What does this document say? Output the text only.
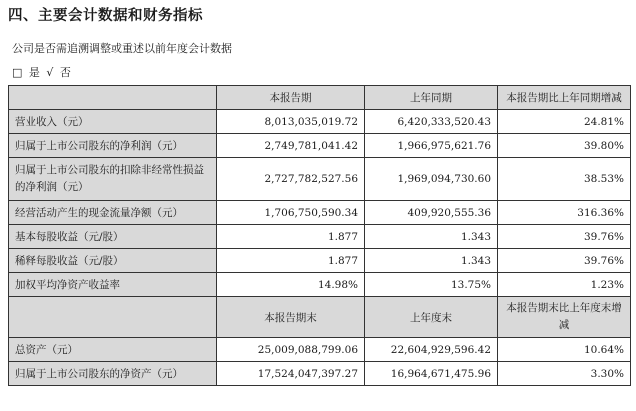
四、主要会计数据和财务指标
公司是否需追溯调整或重述以前年度会计数据
□ 是 √ 否
	本报告期	上年同期	本报告期比上年同期增减
营业收入（元）	8,013,035,019.72	6,420,333,520.43	24.81%
归属于上市公司股东的净利润（元）	2,749,781,041.42	1,966,975,621.76	39.80%
归属于上市公司股东的扣除非经常性损益的净利润（元）	2,727,782,527.56	1,969,094,730.60	38.53%
经营活动产生的现金流量净额（元）	1,706,750,590.34	409,920,555.36	316.36%
基本每股收益（元/股）	1.877	1.343	39.76%
稀释每股收益（元/股）	1.877	1.343	39.76%
加权平均净资产收益率	14.98%	13.75%	1.23%
	本报告期末	上年度末	本报告期末比上年度末增减
总资产（元）	25,009,088,799.06	22,604,929,596.42	10.64%
归属于上市公司股东的净资产（元）	17,524,047,397.27	16,964,671,475.96	3.30%
